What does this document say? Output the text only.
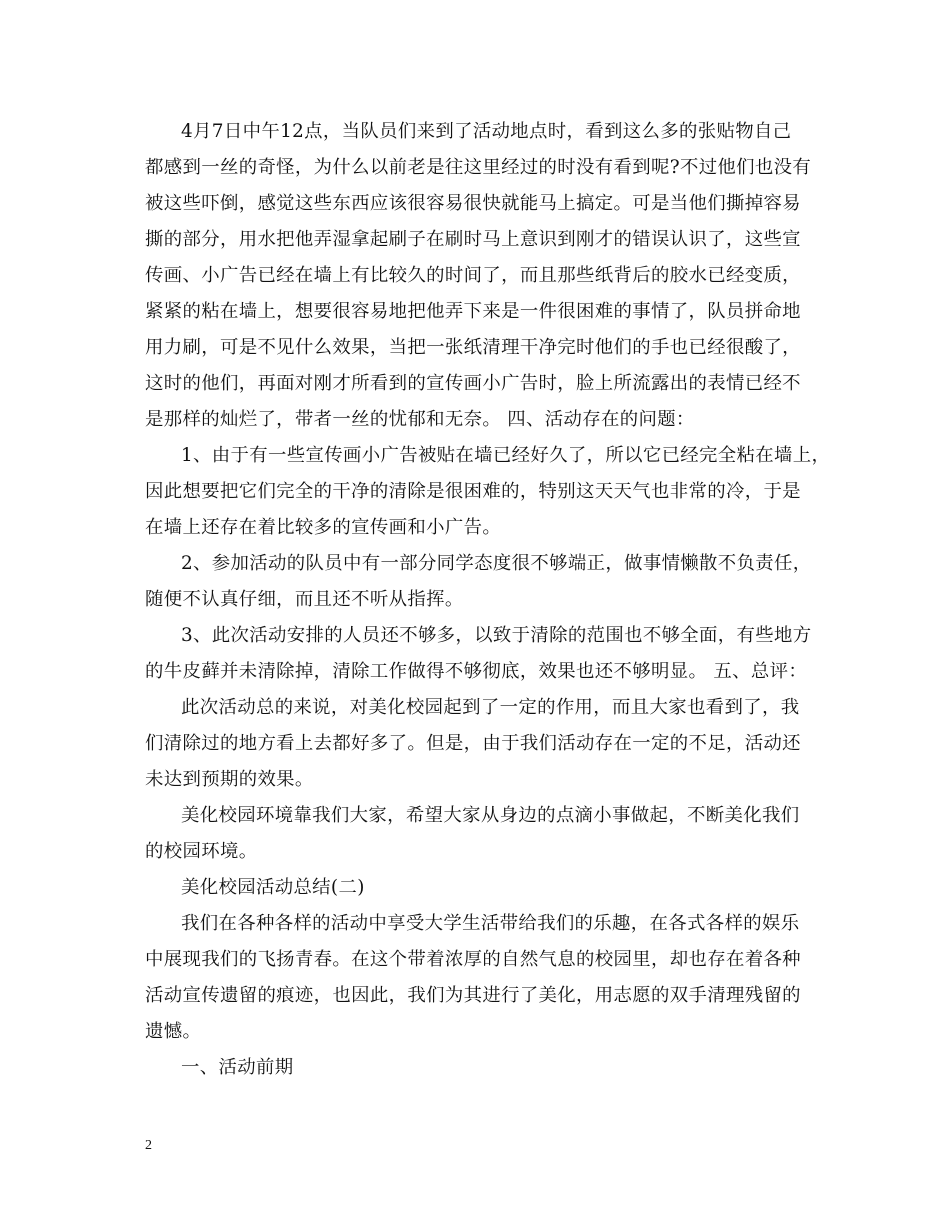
4月7日中午12点，当队员们来到了活动地点时，看到这么多的张贴物自己
都感到一丝的奇怪，为什么以前老是往这里经过的时没有看到呢?不过他们也没有
被这些吓倒，感觉这些东西应该很容易很快就能马上搞定。可是当他们撕掉容易
撕的部分，用水把他弄湿拿起刷子在刷时马上意识到刚才的错误认识了，这些宣
传画、小广告已经在墙上有比较久的时间了，而且那些纸背后的胶水已经变质，
紧紧的粘在墙上，想要很容易地把他弄下来是一件很困难的事情了，队员拼命地
用力刷，可是不见什么效果，当把一张纸清理干净完时他们的手也已经很酸了，
这时的他们，再面对刚才所看到的宣传画小广告时，脸上所流露出的表情已经不
是那样的灿烂了，带者一丝的忧郁和无奈。 四、活动存在的问题：
1、由于有一些宣传画小广告被贴在墙已经好久了，所以它已经完全粘在墙上，
因此想要把它们完全的干净的清除是很困难的，特别这天天气也非常的冷，于是
在墙上还存在着比较多的宣传画和小广告。
2、参加活动的队员中有一部分同学态度很不够端正，做事情懒散不负责任，
随便不认真仔细，而且还不听从指挥。
3、此次活动安排的人员还不够多，以致于清除的范围也不够全面，有些地方
的牛皮藓并未清除掉，清除工作做得不够彻底，效果也还不够明显。 五、总评：
此次活动总的来说，对美化校园起到了一定的作用，而且大家也看到了，我
们清除过的地方看上去都好多了。但是，由于我们活动存在一定的不足，活动还
未达到预期的效果。
美化校园环境靠我们大家，希望大家从身边的点滴小事做起，不断美化我们
的校园环境。
美化校园活动总结(二)
我们在各种各样的活动中享受大学生活带给我们的乐趣，在各式各样的娱乐
中展现我们的飞扬青春。在这个带着浓厚的自然气息的校园里，却也存在着各种
活动宣传遗留的痕迹，也因此，我们为其进行了美化，用志愿的双手清理残留的
遗憾。
一、活动前期
2
